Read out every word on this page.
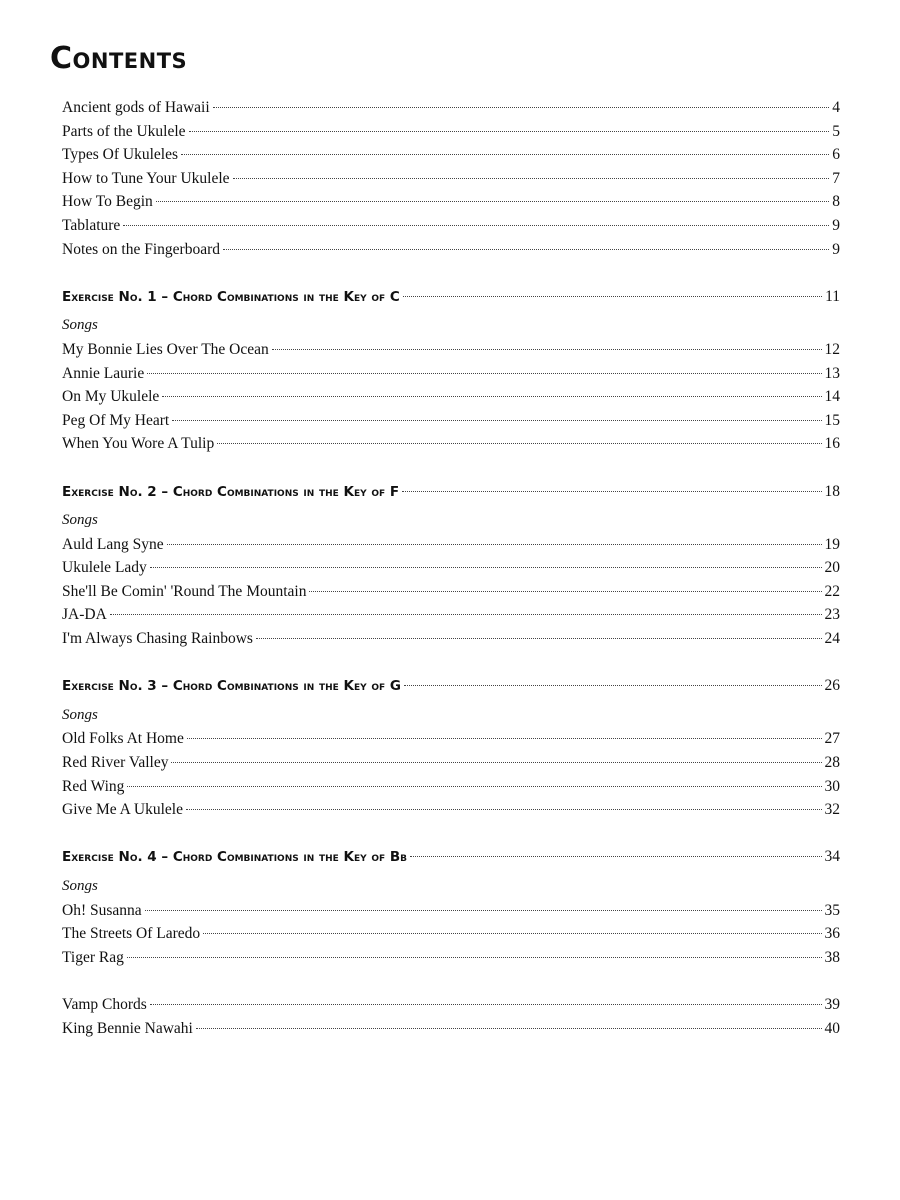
Contents
Ancient gods of Hawaii	4
Parts of the Ukulele	5
Types Of Ukuleles	6
How to Tune Your Ukulele	7
How To Begin	8
Tablature	9
Notes on the Fingerboard	9
Exercise No. 1 – Chord Combinations in the Key of C	11
Songs
My Bonnie Lies Over The Ocean	12
Annie Laurie	13
On My Ukulele	14
Peg Of My Heart	15
When You Wore A Tulip	16
Exercise No. 2 – Chord Combinations in the Key of F	18
Songs
Auld Lang Syne	19
Ukulele Lady	20
She'll Be Comin' 'Round The Mountain	22
JA-DA	23
I'm Always Chasing Rainbows	24
Exercise No. 3 – Chord Combinations in the Key of G	26
Songs
Old Folks At Home	27
Red River Valley	28
Red Wing	30
Give Me A Ukulele	32
Exercise No. 4 – Chord Combinations in the Key of Bb	34
Songs
Oh! Susanna	35
The Streets Of Laredo	36
Tiger Rag	38
Vamp Chords	39
King Bennie Nawahi	40
